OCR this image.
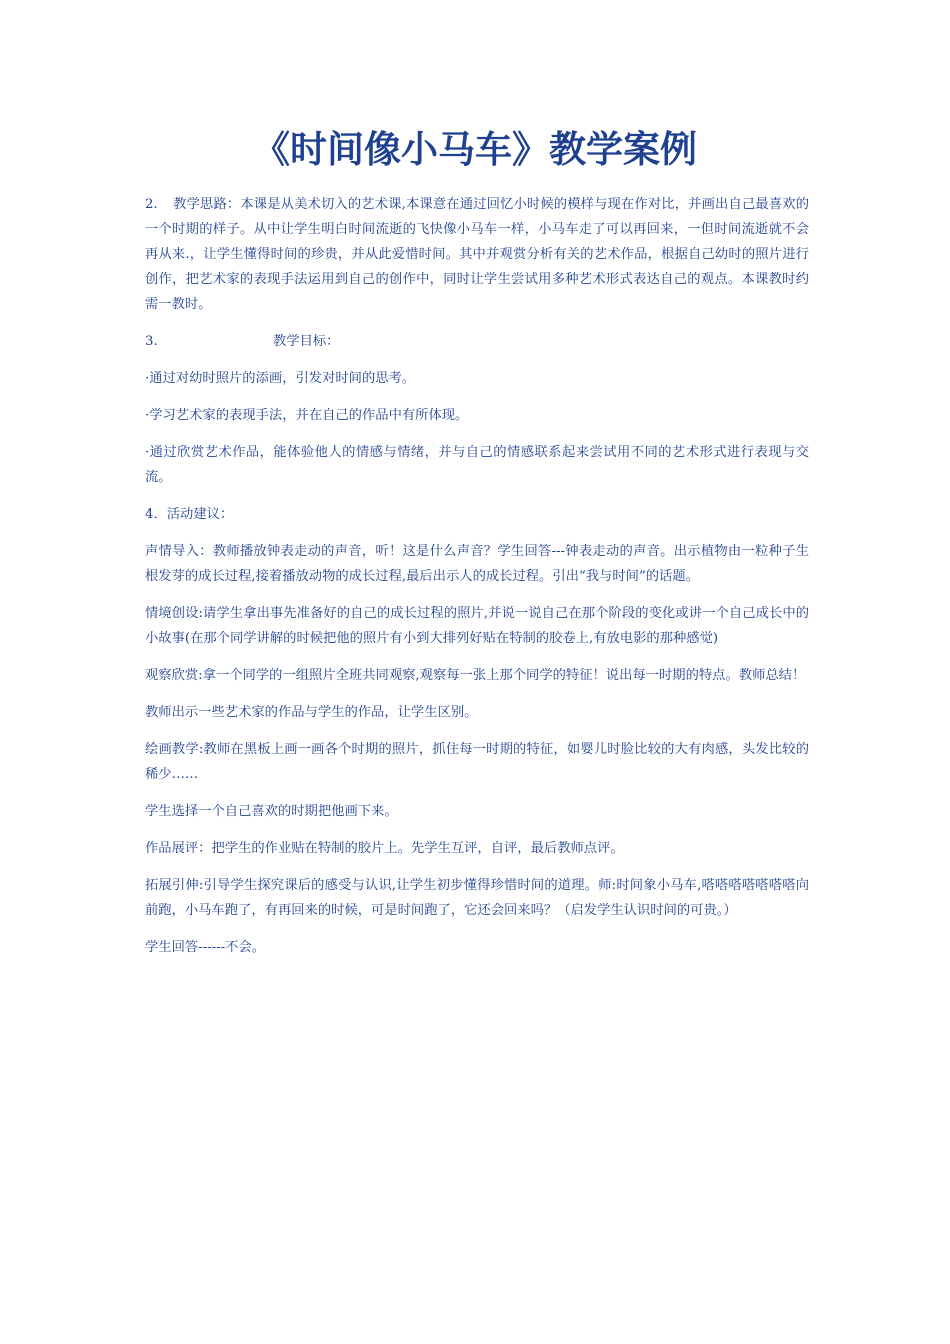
《时间像小马车》教学案例
2. 教学思路：本课是从美术切入的艺术课,本课意在通过回忆小时候的模样与现在作对比，并画出自己最喜欢的一个时期的样子。从中让学生明白时间流逝的飞快像小马车一样，小马车走了可以再回来，一但时间流逝就不会再从来.，让学生懂得时间的珍贵，并从此爱惜时间。其中并观赏分析有关的艺术作品，根据自己幼时的照片进行创作，把艺术家的表现手法运用到自己的创作中，同时让学生尝试用多种艺术形式表达自己的观点。本课教时约需一教时。
3.	教学目标：
·通过对幼时照片的添画，引发对时间的思考。
·学习艺术家的表现手法，并在自己的作品中有所体现。
·通过欣赏艺术作品，能体验他人的情感与情绪，并与自己的情感联系起来尝试用不同的艺术形式进行表现与交流。
4．活动建议：
声情导入：教师播放钟表走动的声音，听！这是什么声音？学生回答---钟表走动的声音。出示植物由一粒种子生根发芽的成长过程,接着播放动物的成长过程,最后出示人的成长过程。引出“我与时间”的话题。
情境创设:请学生拿出事先准备好的自己的成长过程的照片,并说一说自己在那个阶段的变化或讲一个自己成长中的小故事(在那个同学讲解的时候把他的照片有小到大排列好贴在特制的胶卷上,有放电影的那种感觉)
观察欣赏:拿一个同学的一组照片全班共同观察,观察每一张上那个同学的特征！说出每一时期的特点。教师总结！
教师出示一些艺术家的作品与学生的作品，让学生区别。
绘画教学:教师在黑板上画一画各个时期的照片，抓住每一时期的特征，如婴儿时脸比较的大有肉感，头发比较的稀少……
学生选择一个自己喜欢的时期把他画下来。
作品展评：把学生的作业贴在特制的胶片上。先学生互评，自评，最后教师点评。
拓展引伸:引导学生探究课后的感受与认识,让学生初步懂得珍惜时间的道理。师:时间象小马车,嗒嗒嗒嗒嗒嗒嗒向前跑，小马车跑了，有再回来的时候，可是时间跑了，它还会回来吗？（启发学生认识时间的可贵。）
学生回答------不会。
